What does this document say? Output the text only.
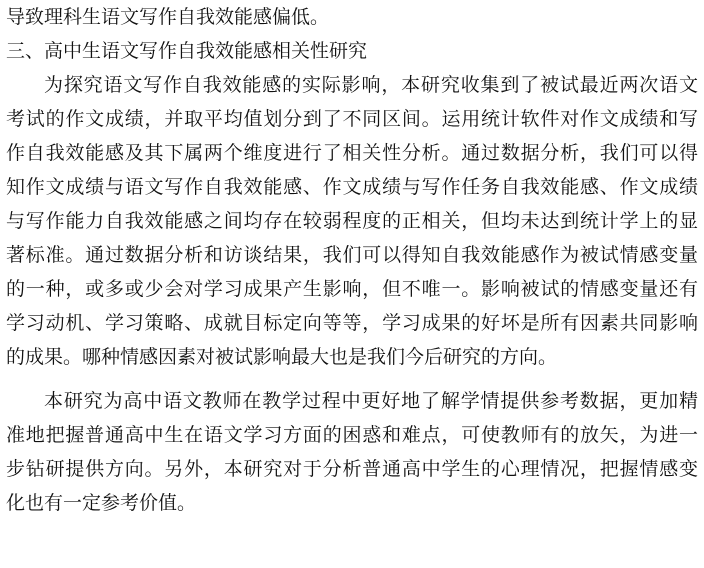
导致理科生语文写作自我效能感偏低。
三、高中生语文写作自我效能感相关性研究
为探究语文写作自我效能感的实际影响，本研究收集到了被试最近两次语文
考试的作文成绩，并取平均值划分到了不同区间。运用统计软件对作文成绩和写
作自我效能感及其下属两个维度进行了相关性分析。通过数据分析，我们可以得
知作文成绩与语文写作自我效能感、作文成绩与写作任务自我效能感、作文成绩
与写作能力自我效能感之间均存在较弱程度的正相关，但均未达到统计学上的显
著标准。通过数据分析和访谈结果，我们可以得知自我效能感作为被试情感变量
的一种，或多或少会对学习成果产生影响，但不唯一。影响被试的情感变量还有
学习动机、学习策略、成就目标定向等等，学习成果的好坏是所有因素共同影响
的成果。哪种情感因素对被试影响最大也是我们今后研究的方向。
本研究为高中语文教师在教学过程中更好地了解学情提供参考数据，更加精
准地把握普通高中生在语文学习方面的困惑和难点，可使教师有的放矢，为进一
步钻研提供方向。另外，本研究对于分析普通高中学生的心理情况，把握情感变
化也有一定参考价值。
